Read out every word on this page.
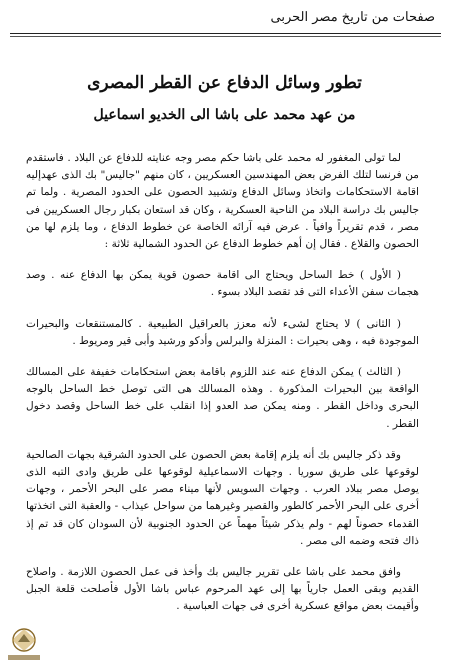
صفحات من تاريخ مصر الحربى
تطور وسائل الدفاع عن القطر المصرى
من عهد محمد على باشا الى الخديو اسماعيل

لما تولى المغفور له محمد على باشا حكم مصر وجه عنايته للدفاع عن البلاد . فاستقدم من فرنسا لتلك الفرض بعض المهندسين العسكريين ، كان منهم "جاليس" بك الذى عهدإليه اقامة الاستحكامات واتخاذ وسائل الدفاع وتشييد الحصون على الحدود المصرية . ولما تم جاليس بك دراسة البلاد من الناحية العسكرية ، وكان قد استعان بكبار رجال العسكريين فى مصر ، قدم تقريراً وافياً . عرض فيه آرائه الخاصة عن خطوط الدفاع ، وما يلزم لها من الحصون والقلاع . فقال إن أهم خطوط الدفاع عن الحدود الشمالية ثلاثة :

( الأول ) خط الساحل ويحتاج الى اقامة حصون قوية يمكن بها الدفاع عنه . وصد هجمات سفن الأعداء التى قد تقصد البلاد بسوء .

( الثانى ) لا يحتاج لشىء لأنه معزز بالعراقيل الطبيعية . كالمستنقعات والبحيرات الموجودة فيه ، وهى بحيرات : المنزلة والبرلس وأدكو ورشيد وأبى قير ومريوط .

( الثالث ) يمكن الدفاع عنه عند اللزوم باقامة بعض استحكامات خفيفة على المسالك الواقعة بين البحيرات المذكورة . وهذه المسالك هى التى توصل خط الساحل بالوجه البحرى وداخل القطر . ومنه يمكن صد العدو إذا انقلب على خط الساحل وقصد دخول القطر .

وقد ذكر جاليس بك أنه يلزم إقامة بعض الحصون على الحدود الشرقية بجهات الصالحية لوقوعها على طريق سوريا . وجهات الاسماعيلية لوقوعها على طريق وادى التيه الذى يوصل مصر ببلاد العرب . وجهات السويس لأنها ميناء مصر على البحر الأحمر ، وجهات أخرى على البحر الأحمر كالطور والقصير وغيرهما من سواحل عيذاب - والعقبة التى اتخذتها القدماء حصوناً لهم - ولم يذكر شيئاً مهماً عن الحدود الجنوبية لأن السودان كان قد تم إذ ذاك فتحه وضمه الى مصر .

وافق محمد على باشا على تقرير جاليس بك وأخذ فى عمل الحصون اللازمة . واصلاح القديم وبقى العمل جارياً بها إلى عهد المرحوم عباس باشا الأول فأصلحت قلعة الجبل وأقيمت بعض مواقع عسكرية أخرى فى جهات العباسية .
